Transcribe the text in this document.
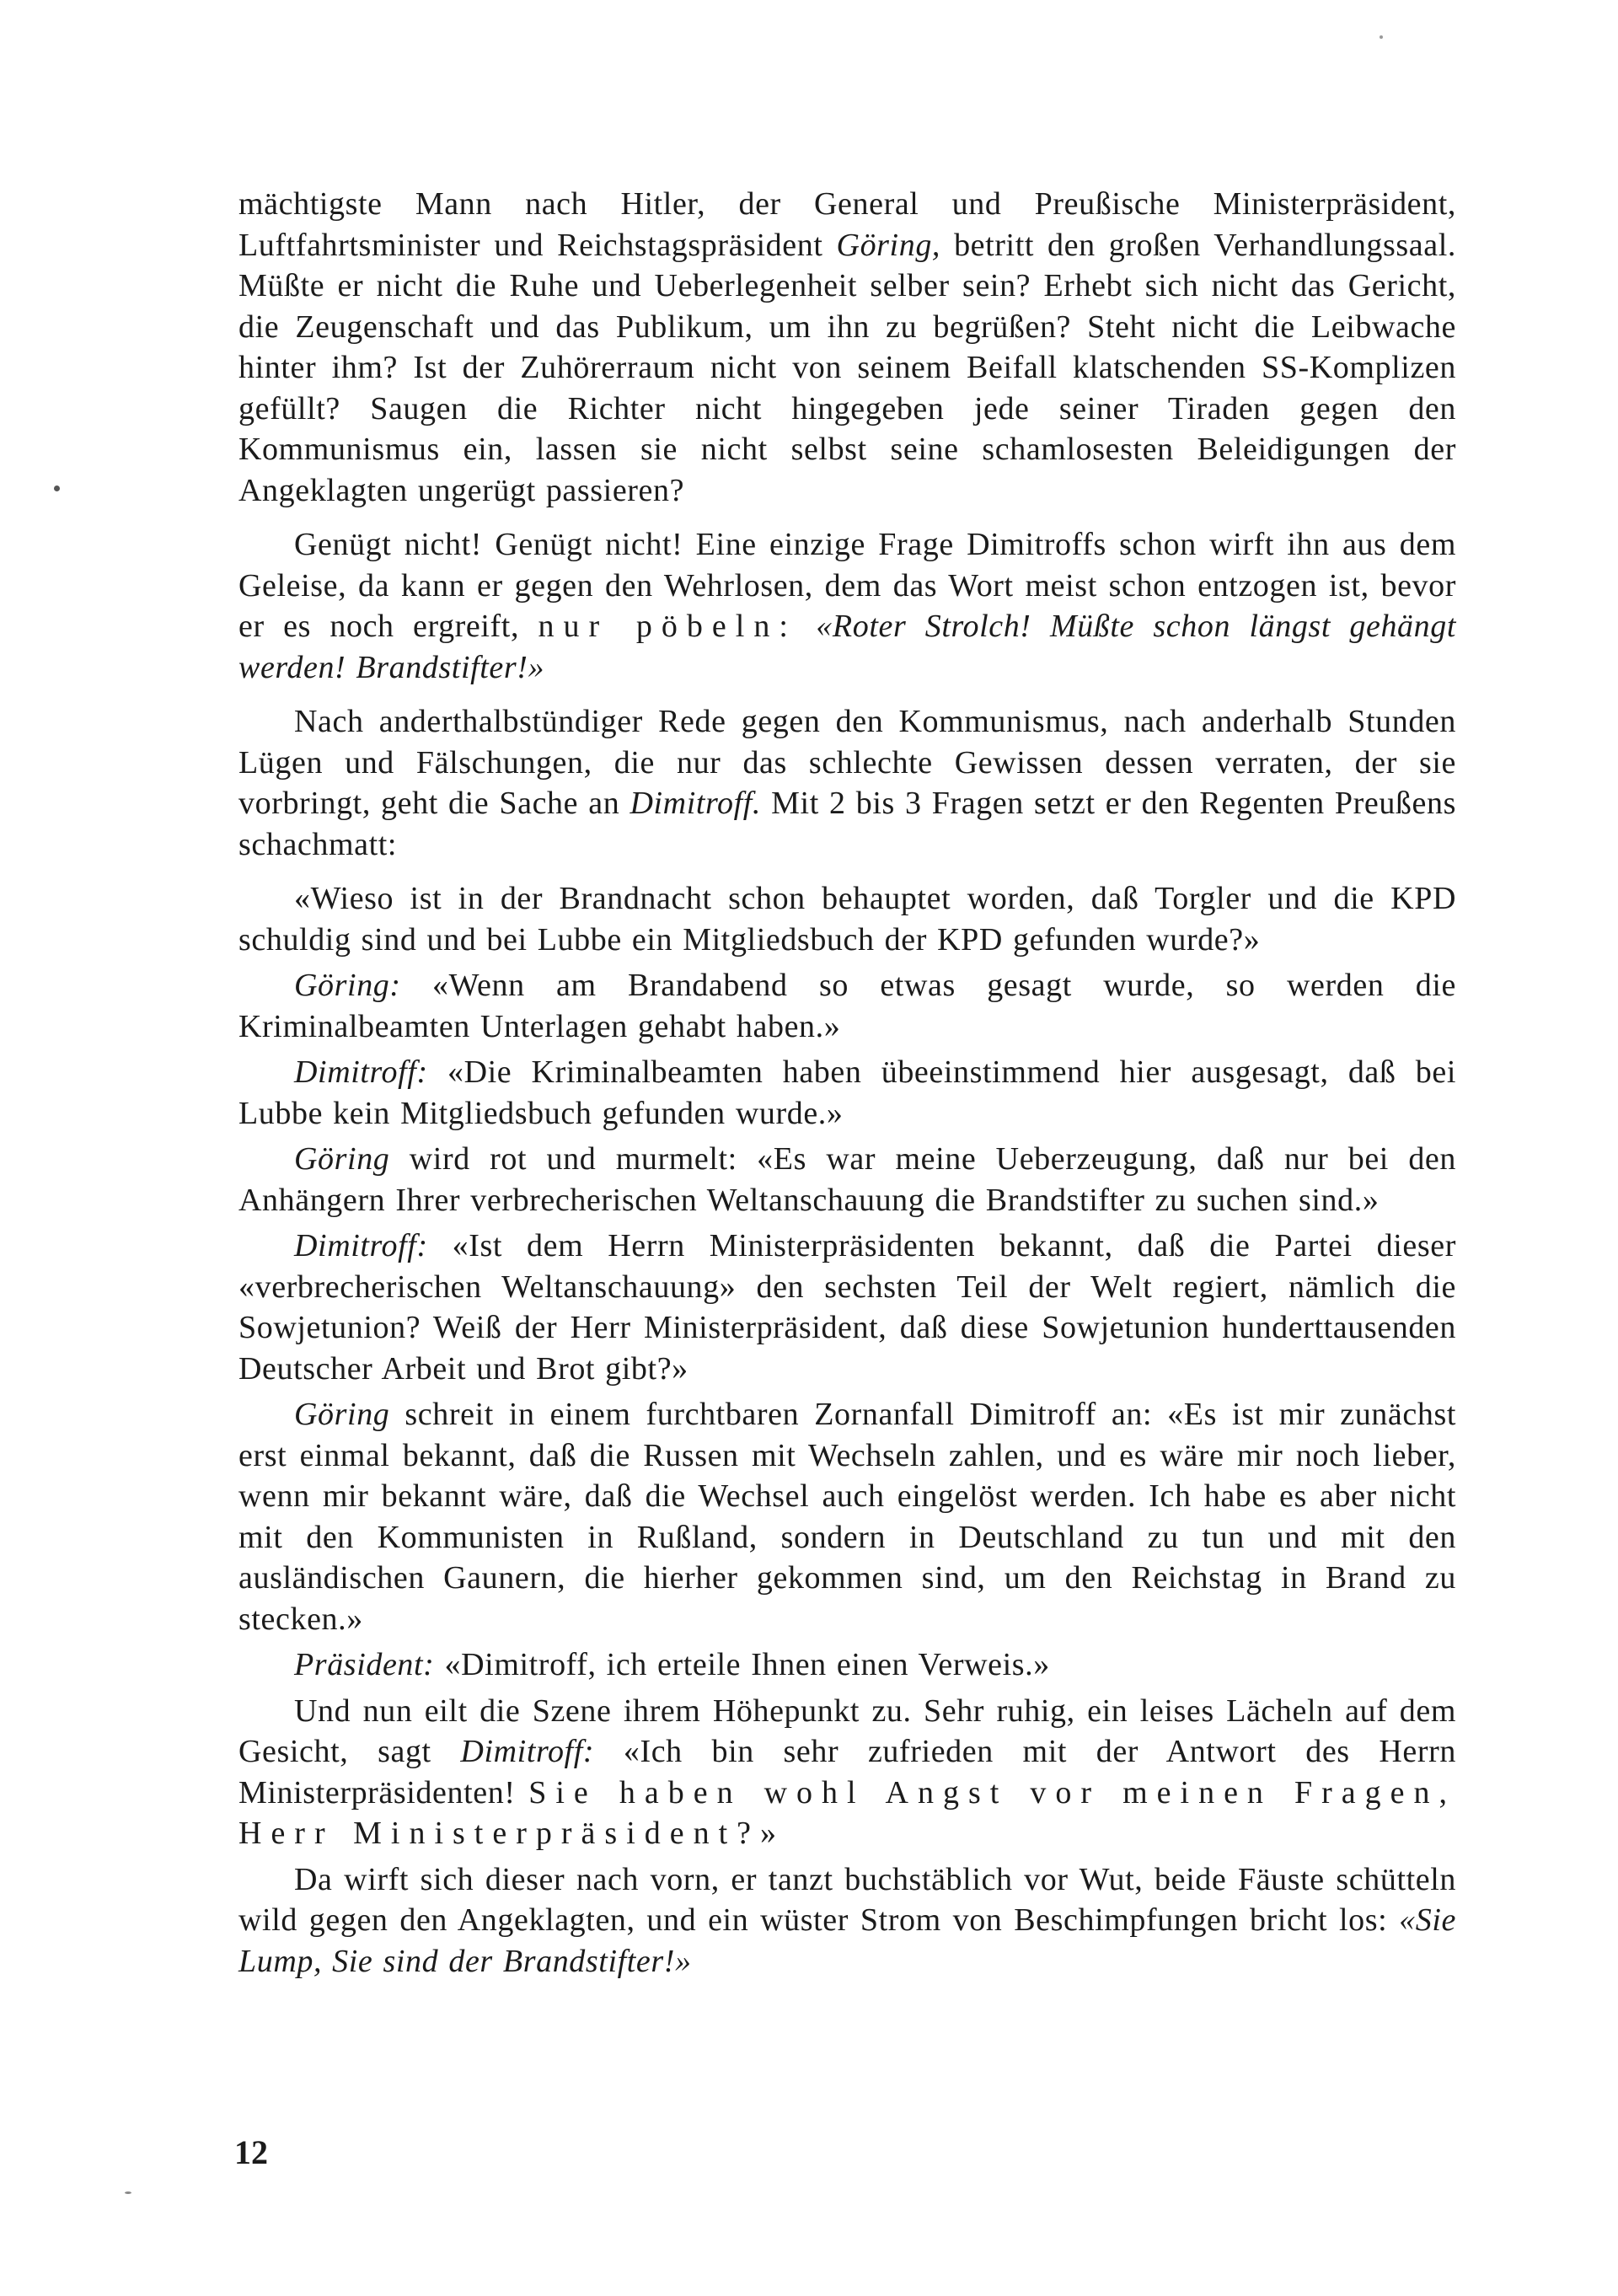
mächtigste Mann nach Hitler, der General und Preußische Ministerpräsident, Luftfahrtsminister und Reichstagspräsident Göring, betritt den großen Verhandlungssaal. Müßte er nicht die Ruhe und Ueberlegenheit selber sein? Erhebt sich nicht das Gericht, die Zeugenschaft und das Publikum, um ihn zu begrüßen? Steht nicht die Leibwache hinter ihm? Ist der Zuhörerraum nicht von seinem Beifall klatschenden SS-Komplizen gefüllt? Saugen die Richter nicht hingegeben jede seiner Tiraden gegen den Kommunismus ein, lassen sie nicht selbst seine schamlosesten Beleidigungen der Angeklagten ungerügt passieren?

Genügt nicht! Genügt nicht! Eine einzige Frage Dimitroffs schon wirft ihn aus dem Geleise, da kann er gegen den Wehrlosen, dem das Wort meist schon entzogen ist, bevor er es noch ergreift, nur pöbeln: «Roter Strolch! Müßte schon längst gehängt werden! Brandstifter!»

Nach anderthalbstündiger Rede gegen den Kommunismus, nach anderhalb Stunden Lügen und Fälschungen, die nur das schlechte Gewissen dessen verraten, der sie vorbringt, geht die Sache an Dimitroff. Mit 2 bis 3 Fragen setzt er den Regenten Preußens schachmatt:

«Wieso ist in der Brandnacht schon behauptet worden, daß Torgler und die KPD schuldig sind und bei Lubbe ein Mitgliedsbuch der KPD gefunden wurde?»

Göring: «Wenn am Brandabend so etwas gesagt wurde, so werden die Kriminalbeamten Unterlagen gehabt haben.»

Dimitroff: «Die Kriminalbeamten haben übeeinstimmend hier ausgesagt, daß bei Lubbe kein Mitgliedsbuch gefunden wurde.»

Göring wird rot und murmelt: «Es war meine Ueberzeugung, daß nur bei den Anhängern Ihrer verbrecherischen Weltanschauung die Brandstifter zu suchen sind.»

Dimitroff: «Ist dem Herrn Ministerpräsidenten bekannt, daß die Partei dieser «verbrecherischen Weltanschauung» den sechsten Teil der Welt regiert, nämlich die Sowjetunion? Weiß der Herr Ministerpräsident, daß diese Sowjetunion hunderttausenden Deutscher Arbeit und Brot gibt?»

Göring schreit in einem furchtbaren Zornanfall Dimitroff an: «Es ist mir zunächst erst einmal bekannt, daß die Russen mit Wechseln zahlen, und es wäre mir noch lieber, wenn mir bekannt wäre, daß die Wechsel auch eingelöst werden. Ich habe es aber nicht mit den Kommunisten in Rußland, sondern in Deutschland zu tun und mit den ausländischen Gaunern, die hierher gekommen sind, um den Reichstag in Brand zu stecken.»

Präsident: «Dimitroff, ich erteile Ihnen einen Verweis.»

Und nun eilt die Szene ihrem Höhepunkt zu. Sehr ruhig, ein leises Lächeln auf dem Gesicht, sagt Dimitroff: «Ich bin sehr zufrieden mit der Antwort des Herrn Ministerpräsidenten! Sie haben wohl Angst vor meinen Fragen, Herr Ministerpräsident?»

Da wirft sich dieser nach vorn, er tanzt buchstäblich vor Wut, beide Fäuste schütteln wild gegen den Angeklagten, und ein wüster Strom von Beschimpfungen bricht los: «Sie Lump, Sie sind der Brandstifter!»

12
